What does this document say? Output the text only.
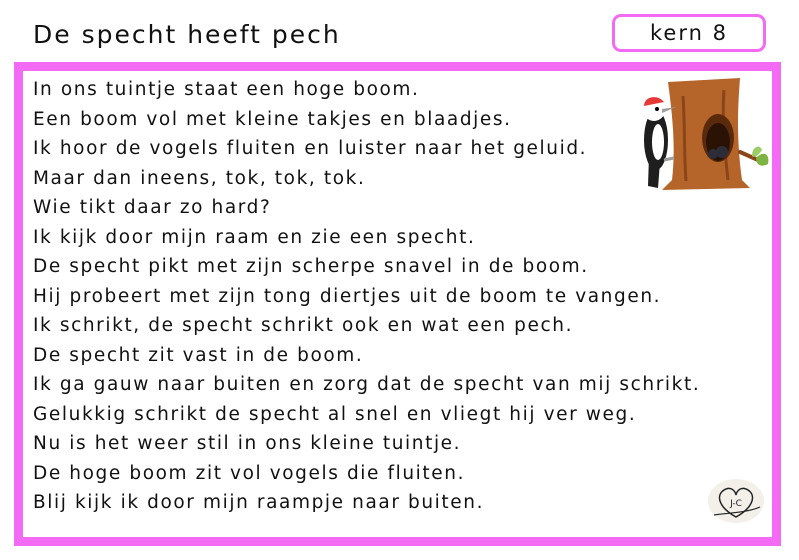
De specht heeft pech	kern 8
In ons tuintje staat een hoge boom.
Een boom vol met kleine takjes en blaadjes.
Ik hoor de vogels fluiten en luister naar het geluid.
Maar dan ineens, tok, tok, tok.
Wie tikt daar zo hard?
Ik kijk door mijn raam en zie een specht.
De specht pikt met zijn scherpe snavel in de boom.
Hij probeert met zijn tong diertjes uit de boom te vangen.
Ik schrikt, de specht schrikt ook en wat een pech.
De specht zit vast in de boom.
Ik ga gauw naar buiten en zorg dat de specht van mij schrikt.
Gelukkig schrikt de specht al snel en vliegt hij ver weg.
Nu is het weer stil in ons kleine tuintje.
De hoge boom zit vol vogels die fluiten.
Blij kijk ik door mijn raampje naar buiten.	J-C
